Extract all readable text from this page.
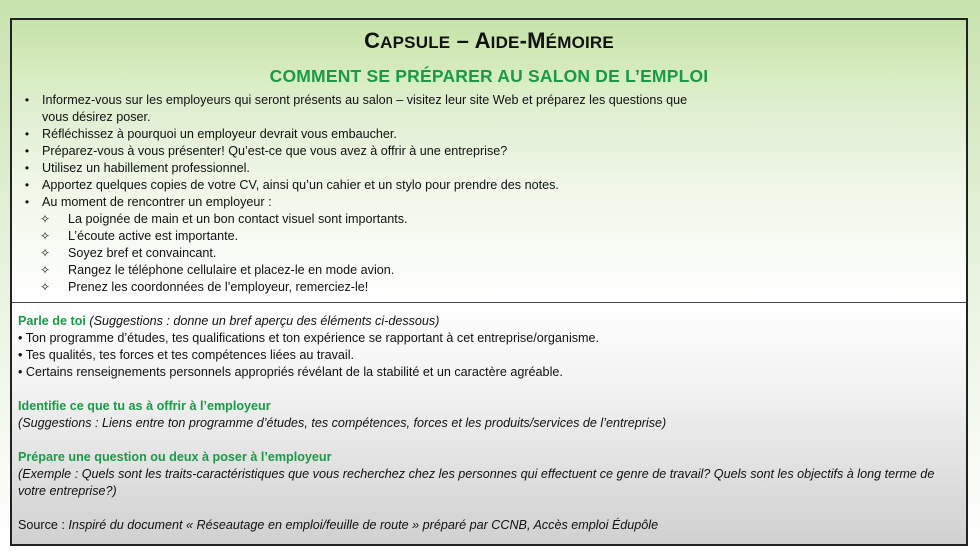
CAPSULE – AIDE-MÉMOIRE
COMMENT SE PRÉPARER AU SALON DE L’EMPLOI
•	Informez-vous sur les employeurs qui seront présents au salon – visitez leur site Web et préparez les questions que

vous désirez poser.
•	Réfléchissez à pourquoi un employeur devrait vous embaucher.
•	Préparez-vous à vous présenter! Qu’est-ce que vous avez à offrir à une entreprise?
•	Utilisez un habillement professionnel.
•	Apportez quelques copies de votre CV, ainsi qu’un cahier et un stylo pour prendre des notes.
•	Au moment de rencontrer un employeur :
✧ La poignée de main et un bon contact visuel sont importants.
✧ L’écoute active est importante.
✧ Soyez bref et convaincant.
✧ Rangez le téléphone cellulaire et placez-le en mode avion.
✧ Prenez les coordonnées de l’employeur, remerciez-le!
Parle de toi (Suggestions : donne un bref aperçu des éléments ci-dessous)
• Ton programme d’études, tes qualifications et ton expérience se rapportant à cet entreprise/organisme.
• Tes qualités, tes forces et tes compétences liées au travail.
• Certains renseignements personnels appropriés révélant de la stabilité et un caractère agréable.
Identifie ce que tu as à offrir à l’employeur
(Suggestions : Liens entre ton programme d’études, tes compétences, forces et les produits/services de l’entreprise)
Prépare une question ou deux à poser à l’employeur
(Exemple : Quels sont les traits-caractéristiques que vous recherchez chez les personnes qui effectuent ce genre de travail? Quels sont les objectifs à long terme de
votre entreprise?)
Source : Inspiré du document « Réseautage en emploi/feuille de route » préparé par CCNB, Accès emploi Édupôle
